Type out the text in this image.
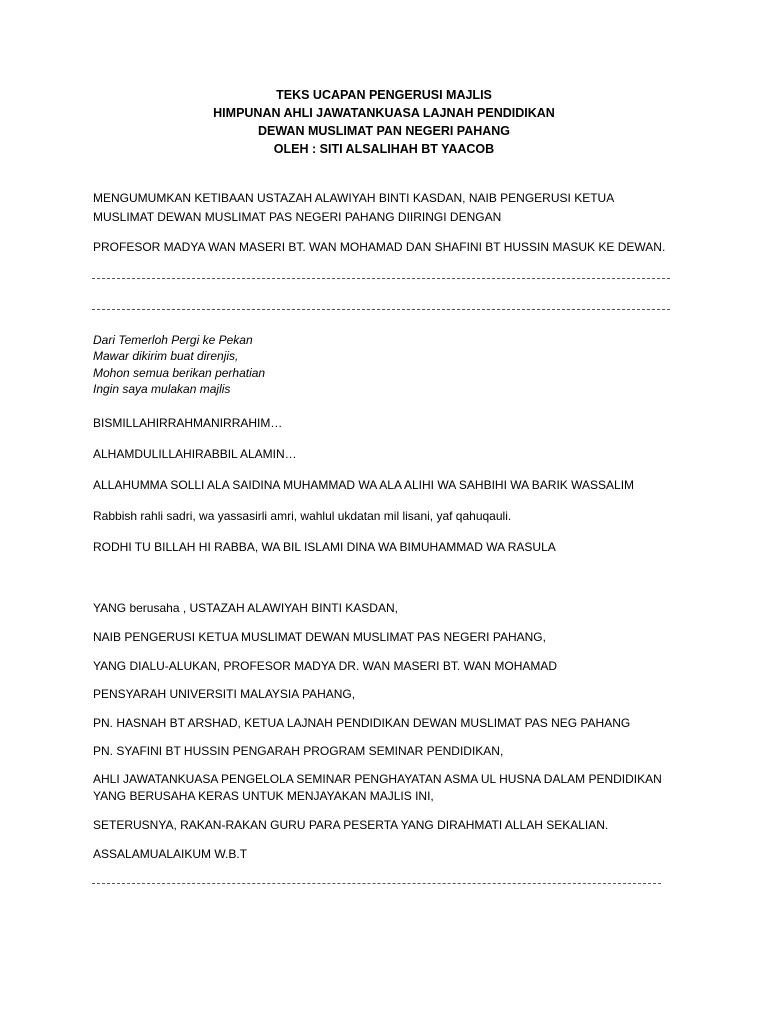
TEKS UCAPAN PENGERUSI MAJLIS
HIMPUNAN AHLI JAWATANKUASA LAJNAH PENDIDIKAN
DEWAN MUSLIMAT PAN NEGERI PAHANG
OLEH : SITI ALSALIHAH BT YAACOB
MENGUMUMKAN KETIBAAN USTAZAH ALAWIYAH BINTI KASDAN, NAIB PENGERUSI KETUA
MUSLIMAT DEWAN MUSLIMAT PAS NEGERI PAHANG DIIRINGI DENGAN
PROFESOR MADYA WAN MASERI BT. WAN MOHAMAD DAN SHAFINI BT HUSSIN MASUK KE DEWAN.
Dari Temerloh Pergi ke Pekan
Mawar dikirim buat direnjis,
Mohon semua berikan perhatian
Ingin saya mulakan majlis
BISMILLAHIRRAHMANIRRAHIM…
ALHAMDULILLAHIRABBIL ALAMIN…
ALLAHUMMA SOLLI ALA SAIDINA MUHAMMAD WA ALA ALIHI WA SAHBIHI WA BARIK WASSALIM
Rabbish rahli sadri, wa yassasirli amri, wahlul ukdatan mil lisani, yaf qahuqauli.
RODHI TU BILLAH HI RABBA, WA BIL ISLAMI DINA WA BIMUHAMMAD WA RASULA
YANG berusaha , USTAZAH ALAWIYAH BINTI KASDAN,
NAIB PENGERUSI KETUA MUSLIMAT DEWAN MUSLIMAT PAS NEGERI PAHANG,
YANG DIALU-ALUKAN, PROFESOR MADYA DR. WAN MASERI BT. WAN MOHAMAD
PENSYARAH UNIVERSITI MALAYSIA PAHANG,
PN. HASNAH BT ARSHAD, KETUA LAJNAH PENDIDIKAN DEWAN MUSLIMAT PAS NEG PAHANG
PN. SYAFINI BT HUSSIN PENGARAH PROGRAM SEMINAR PENDIDIKAN,
AHLI JAWATANKUASA PENGELOLA SEMINAR PENGHAYATAN ASMA UL HUSNA DALAM PENDIDIKAN
YANG BERUSAHA KERAS UNTUK MENJAYAKAN MAJLIS INI,
SETERUSNYA, RAKAN-RAKAN GURU PARA PESERTA YANG DIRAHMATI ALLAH SEKALIAN.
ASSALAMUALAIKUM W.B.T
